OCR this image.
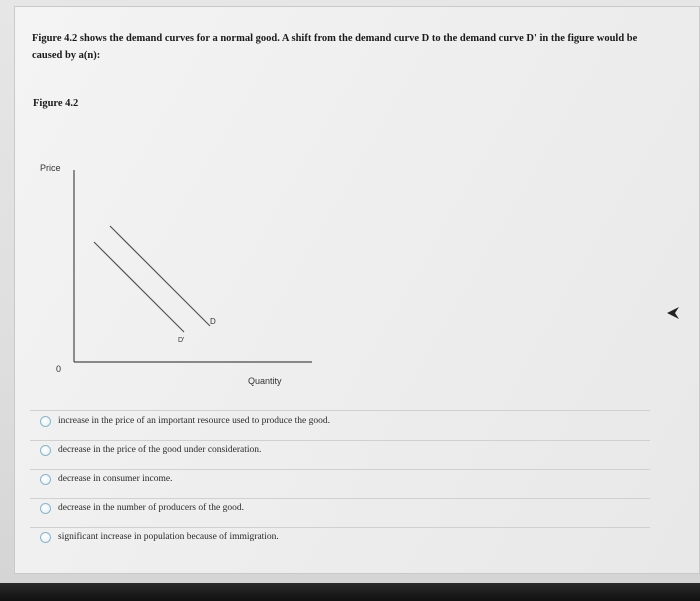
Figure 4.2 shows the demand curves for a normal good. A shift from the demand curve D to the demand curve D' in the figure would be caused by a(n):
Figure 4.2
Price
Quantity
0
D
D'
increase in the price of an important resource used to produce the good.
decrease in the price of the good under consideration.
decrease in consumer income.
decrease in the number of producers of the good.
significant increase in population because of immigration.
